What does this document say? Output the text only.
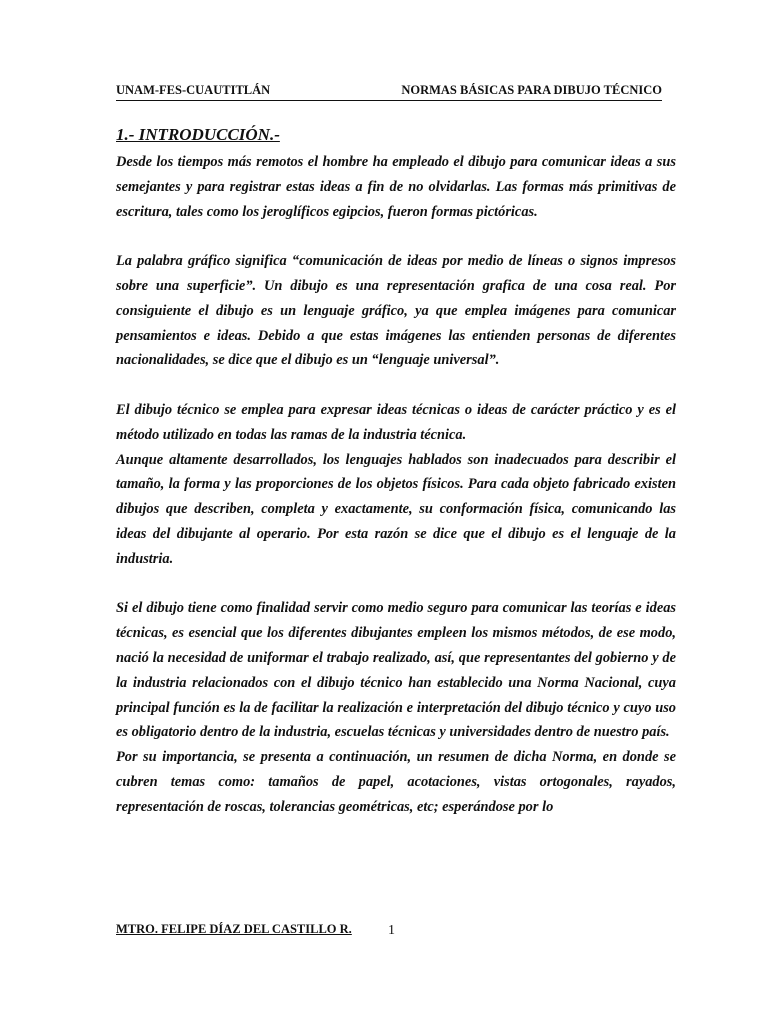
UNAM-FES-CUAUTITLÁN	NORMAS BÁSICAS PARA DIBUJO TÉCNICO
1.- INTRODUCCIÓN.-

Desde los tiempos más remotos el hombre ha empleado el dibujo para comunicar ideas a sus semejantes y para registrar estas ideas a fin de no olvidarlas. Las formas más primitivas de escritura, tales como los jeroglíficos egipcios, fueron formas pictóricas.

La palabra gráfico significa “comunicación de ideas por medio de líneas o signos impresos sobre una superficie”. Un dibujo es una representación grafica de una cosa real. Por consiguiente el dibujo es un lenguaje gráfico, ya que emplea imágenes para comunicar pensamientos e ideas. Debido a que estas imágenes las entienden personas de diferentes nacionalidades, se dice que el dibujo es un “lenguaje universal”.

El dibujo técnico se emplea para expresar ideas técnicas o ideas de carácter práctico y es el método utilizado en todas las ramas de la industria técnica.

Aunque altamente desarrollados, los lenguajes hablados son inadecuados para describir el tamaño, la forma y las proporciones de los objetos físicos. Para cada objeto fabricado existen dibujos que describen, completa y exactamente, su conformación física, comunicando las ideas del dibujante al operario. Por esta razón se dice que el dibujo es el lenguaje de la industria.

Si el dibujo tiene como finalidad servir como medio seguro para comunicar las teorías e ideas técnicas, es esencial que los diferentes dibujantes empleen los mismos métodos, de ese modo, nació la necesidad de uniformar el trabajo realizado, así, que representantes del gobierno y de la industria relacionados con el dibujo técnico han establecido una Norma Nacional, cuya principal función es la de facilitar la realización e interpretación del dibujo técnico y cuyo uso es obligatorio dentro de la industria, escuelas técnicas y universidades dentro de nuestro país.

Por su importancia, se presenta a continuación, un resumen de dicha Norma, en donde se cubren temas como: tamaños de papel, acotaciones, vistas ortogonales, rayados, representación de roscas, tolerancias geométricas, etc; esperándose por lo

MTRO. FELIPE DÍAZ DEL CASTILLO R.	1
